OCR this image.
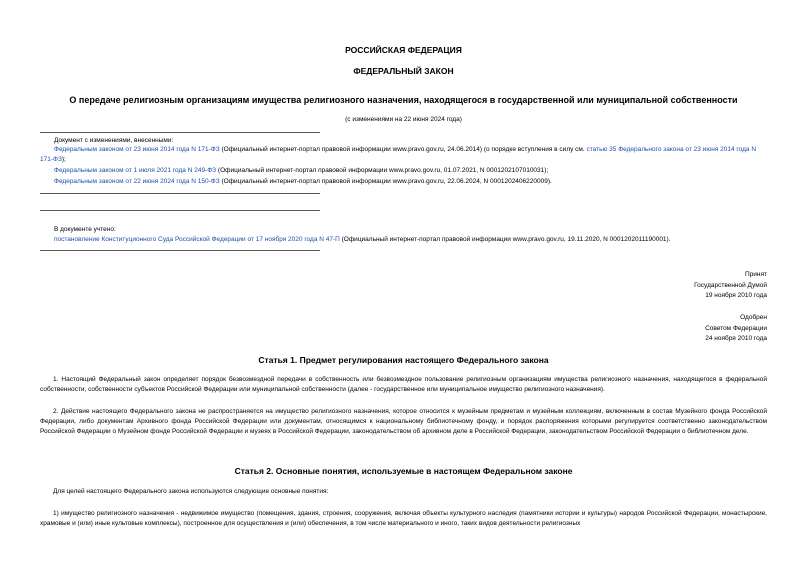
РОССИЙСКАЯ ФЕДЕРАЦИЯ
ФЕДЕРАЛЬНЫЙ ЗАКОН
О передаче религиозным организациям имущества религиозного назначения, находящегося в государственной или муниципальной собственности
(с изменениями на 22 июня 2024 года)
Документ с изменениями, внесенными:
Федеральным законом от 23 июня 2014 года N 171-ФЗ (Официальный интернет-портал правовой информации www.pravo.gov.ru, 24.06.2014) (о порядке вступления в силу см. статью 35 Федерального закона от 23 июня 2014 года N 171-ФЗ);
Федеральным законом от 1 июля 2021 года N 249-ФЗ (Официальный интернет-портал правовой информации www.pravo.gov.ru, 01.07.2021, N 0001202107010031);
Федеральным законом от 22 июня 2024 года N 150-ФЗ (Официальный интернет-портал правовой информации www.pravo.gov.ru, 22.06.2024, N 0001202406220009).
В документе учтено:
постановление Конституционного Суда Российской Федерации от 17 ноября 2020 года N 47-П (Официальный интернет-портал правовой информации www.pravo.gov.ru, 19.11.2020, N 0001202011190001).
Принят
Государственной Думой
19 ноября 2010 года
Одобрен
Советом Федерации
24 ноября 2010 года
Статья 1. Предмет регулирования настоящего Федерального закона
1. Настоящий Федеральный закон определяет порядок безвозмездной передачи в собственность или безвозмездное пользование религиозным организациям имущества религиозного назначения, находящегося в федеральной собственности, собственности субъектов Российской Федерации или муниципальной собственности (далее - государственное или муниципальное имущество религиозного назначения).
2. Действие настоящего Федерального закона не распространяется на имущество религиозного назначения, которое относится к музейным предметам и музейным коллекциям, включенным в состав Музейного фонда Российской Федерации, либо документам Архивного фонда Российской Федерации или документам, относящимся к национальному библиотечному фонду, и порядок распоряжения которыми регулируется соответственно законодательством Российской Федерации о Музейном фонде Российской Федерации и музеях в Российской Федерации, законодательством об архивном деле в Российской Федерации, законодательством Российской Федерации о библиотечном деле.
Статья 2. Основные понятия, используемые в настоящем Федеральном законе
Для целей настоящего Федерального закона используются следующие основные понятия:
1) имущество религиозного назначения - недвижимое имущество (помещения, здания, строения, сооружения, включая объекты культурного наследия (памятники истории и культуры) народов Российской Федерации, монастырские, храмовые и (или) иные культовые комплексы), построенное для осуществления и (или) обеспечения, в том числе материального и иного, таких видов деятельности религиозных
